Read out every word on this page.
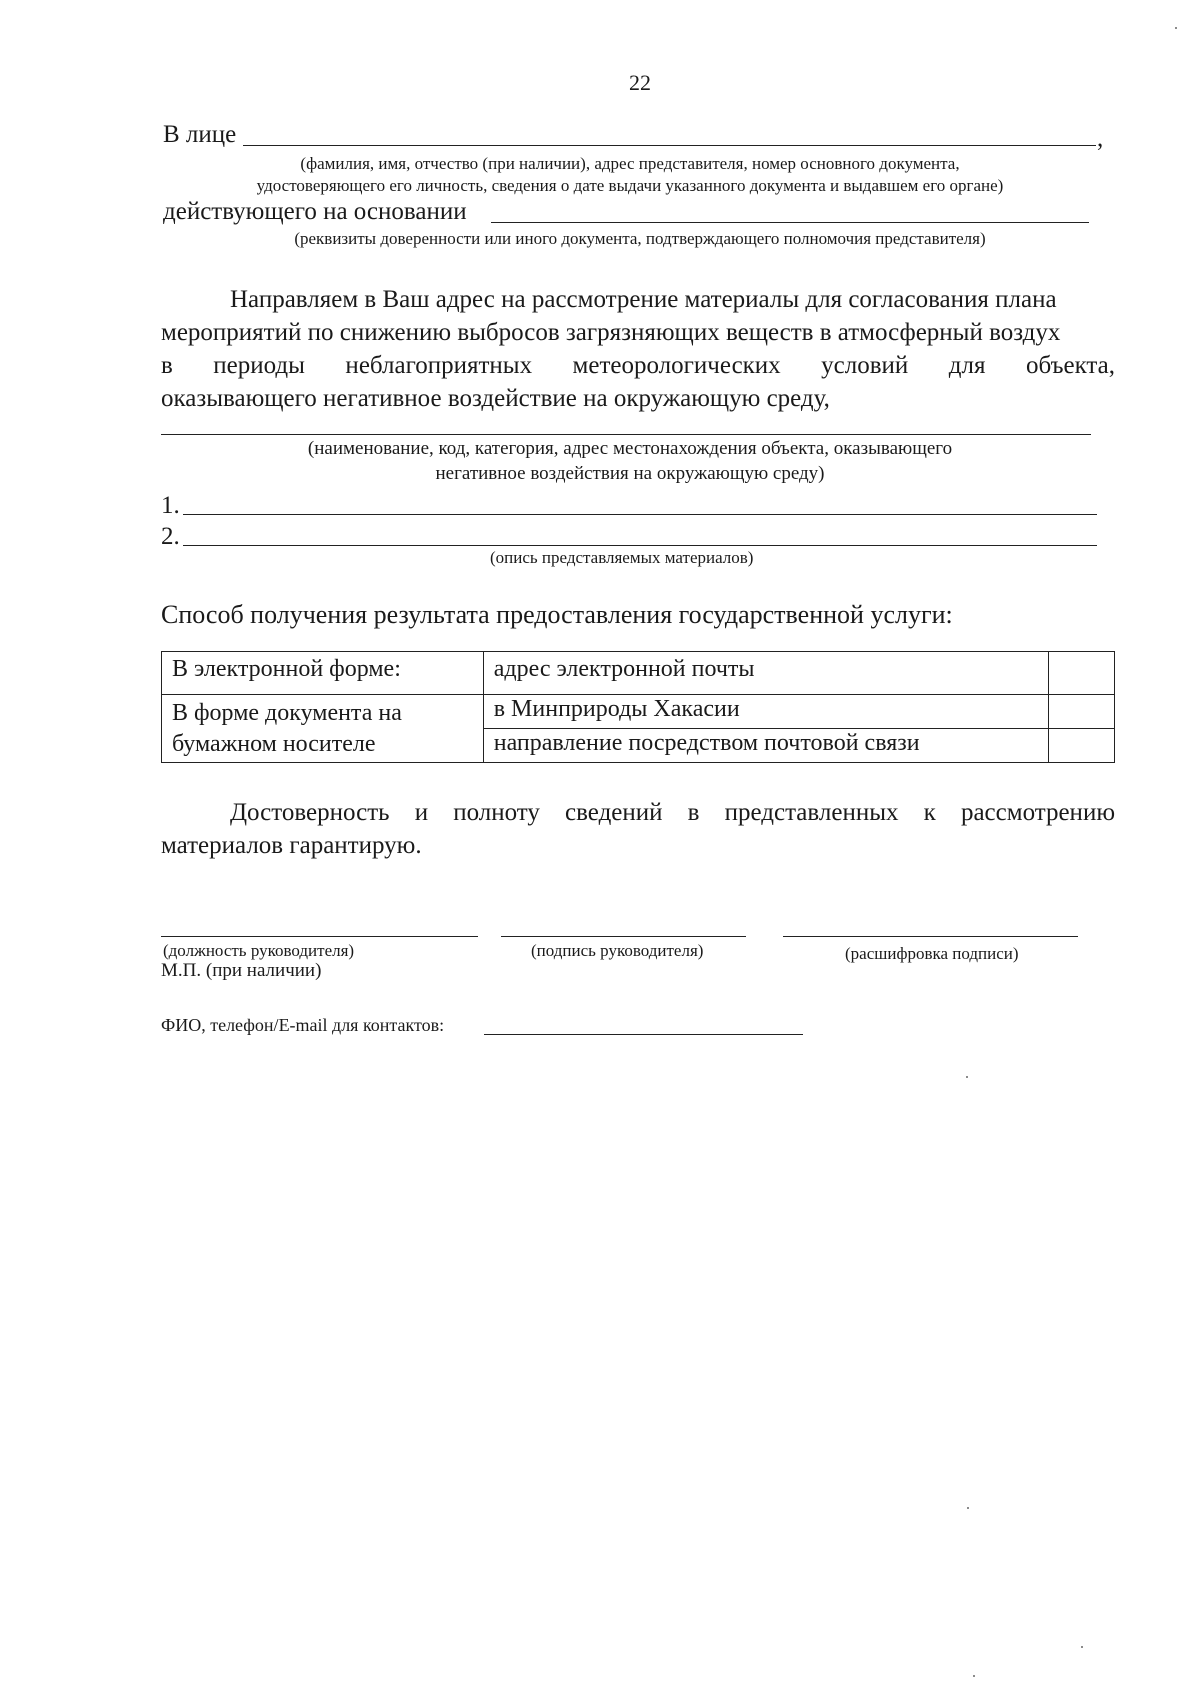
22
В лице	,
(фамилия, имя, отчество (при наличии), адрес представителя, номер основного документа,
удостоверяющего его личность, сведения о дате выдачи указанного документа и выдавшем его органе)
действующего на основании
(реквизиты доверенности или иного документа, подтверждающего полномочия представителя)
Направляем в Ваш адрес на рассмотрение материалы для согласования плана
мероприятий по снижению выбросов загрязняющих веществ в атмосферный воздух
в периоды неблагоприятных метеорологических условий для объекта,
оказывающего негативное воздействие на окружающую среду,
(наименование, код, категория, адрес местонахождения объекта, оказывающего
негативное воздействия на окружающую среду)
1.
2.
(опись представляемых материалов)
Способ получения результата предоставления государственной услуги:
В электронной форме:	адрес электронной почты	

В форме документа на
бумажном носителе	в Минприроды Хакасии	
	направление посредством почтовой связи	
Достоверность и полноту сведений в представленных к рассмотрению
материалов гарантирую.
(должность руководителя)	(подпись руководителя)	(расшифровка подписи)
М.П. (при наличии)
ФИО, телефон/E-mail для контактов:
